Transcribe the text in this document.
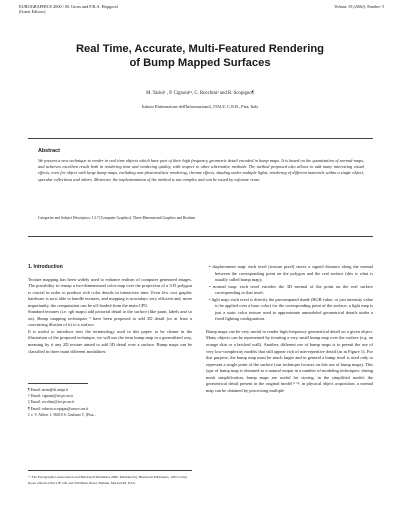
EUROGRAPHICS 2000 / M. Gross and F.R.A. Hopgood
(Guest Editors)
Volume 19 (2000), Number 3
Real Time, Accurate, Multi-Featured Rendering
of Bump Mapped Surfaces
M. Tarini¹ , P. Cignoni¹², C. Rocchini³ and R. Scopigno¶
Istituto Elaborazione dell'Informazione‡, ITALY, C.N.R., Pisa, Italy
Abstract
We present a new technique to render in real time objects which have part of their high frequency geometric detail encoded in bump maps. It is based on the quantization of normal-maps, and achieves excellent result both in rendering time and rendering quality, with respect to other alternative methods. The method proposed also allows to add many interesting visual effects, even for object with large bump maps, including non-photorealistic rendering, chrome effects, shading under multiple lights, rendering of different materials within a single object, specular reflections and others. Moreover, the implementation of the method is not complex and can be eased by software reuse.
Categories and Subject Descriptors: I.3.7 [Computer Graphics]: Three-Dimensional Graphics and Realism

1. Introduction

Texture mapping has been widely used to enhance realism of computer generated images. The possibility to remap a two-dimensional color map over the projection of a 3-D polygon is crucial in order to produce rich color details in interactive time. Even low cost graphic hardware is now able to handle textures, and mapping is nowadays very efficient and, more importantly, the computation can be off-loaded from the main CPU.

Standard textures (i.e. rgb maps) add pictorial detail to the surface (like paint, labels and so on). Bump mapping techniques ¹ have been proposed to add 3D detail (or at least a convincing illusion of it) to a surface.

It is useful to introduce now the terminology used in this paper: to be clearer in the illustration of the proposed technique, we will use the term bump map in a generalized way, meaning by it any 2D texture aimed to add 3D detail over a surface. Bump maps can be classified in three main different modalities:

¶ Email: tarini@di.unipi.it
† Email: cignoni@iei.pi.cnr.it
‡ Email: rocchini@iei.pi.cnr.it
¶ Email: roberto.scopigno@cnuce.cnr.it
‡ v. V. Alfieri 1, 56010 S. Giuliano T. (Pisa...
© The Eurographics Association and Blackwell Publishers 2000. Published by Blackwell Publishers, 108 Cowley Road, Oxford OX4 1JF, UK and 350 Main Street, Malden, MA 02148, USA.

• displacement map: each texel (texture pixel) stores a signed distance along the normal between the corresponding point on the polygon and the real surface (this is what is usually called bump map);

• normal map: each texel encodes the 3D normal of the point on the real surface corresponding to that texel;

• light map: each texel is directly the precomputed shade (RGB value, or just intensity value to be applied over a base color) for the corresponding point of the surface; a light map is just a static color texture used to approximate unmodeled geometrical details under a fixed lighting configuration.

Bump maps can be very useful to render high-frequency geometrical detail on a given object. Many objects can be represented by iterating a very small bump map over the surface (e.g. an orange skin or a bricked wall). Another, different use of bump maps is to permit the use of very low-complexity models that still appear rich of non-repetitive detail (as in Figure 1). For this purpose, the bump map must be much larger and in general a bump texel is used only to represent a single point of the surface (our technique focuses on this use of bump maps). This type of bump map is obtained as a natural output in a number of modeling techniques: during mesh simplification, bump maps are useful for storing, in the simplified model, the geometrical detail present in the original model ⁸ ¹¹; in physical object acquisition, a normal map can be obtained by processing multiple
